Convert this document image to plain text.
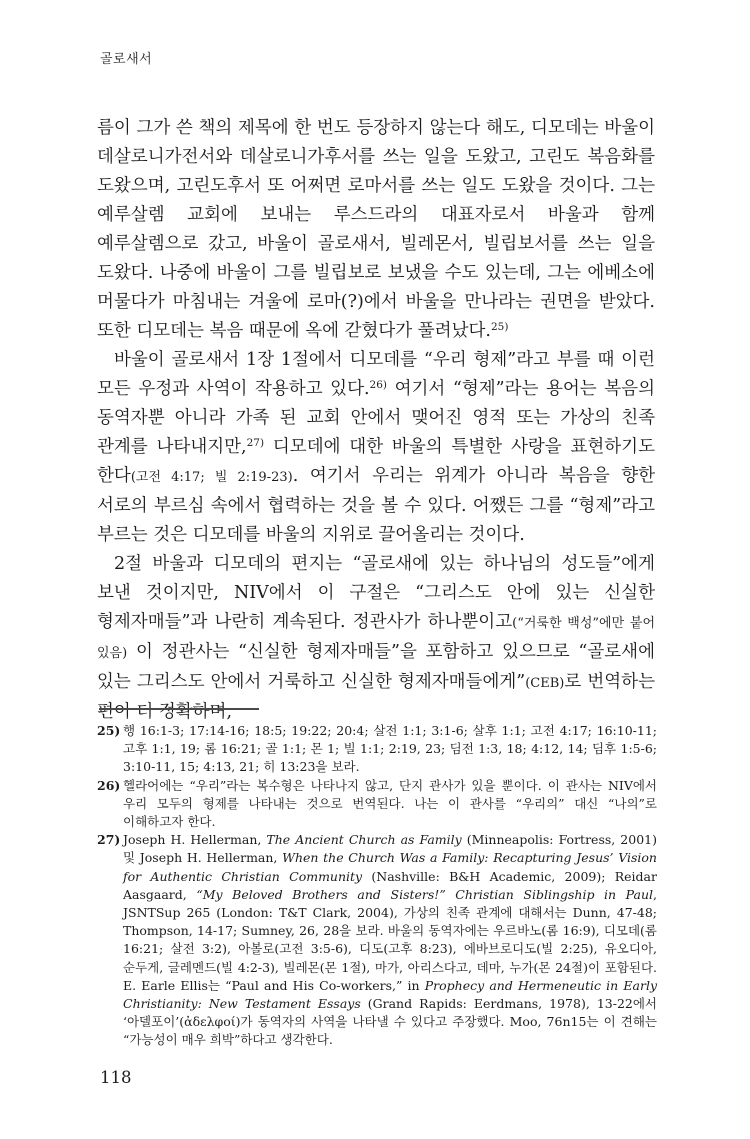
골로새서

름이 그가 쓴 책의 제목에 한 번도 등장하지 않는다 해도, 디모데는 바울이 데살로니가전서와 데살로니가후서를 쓰는 일을 도왔고, 고린도 복음화를 도왔으며, 고린도후서 또 어쩌면 로마서를 쓰는 일도 도왔을 것이다. 그는 예루살렘 교회에 보내는 루스드라의 대표자로서 바울과 함께 예루살렘으로 갔고, 바울이 골로새서, 빌레몬서, 빌립보서를 쓰는 일을 도왔다. 나중에 바울이 그를 빌립보로 보냈을 수도 있는데, 그는 에베소에 머물다가 마침내는 겨울에 로마(?)에서 바울을 만나라는 권면을 받았다. 또한 디모데는 복음 때문에 옥에 갇혔다가 풀려났다.$^{25)}$

바울이 골로새서 1장 1절에서 디모데를 “우리 형제”라고 부를 때 이런 모든 우정과 사역이 작용하고 있다.$^{26)}$ 여기서 “형제”라는 용어는 복음의 동역자뿐 아니라 가족 된 교회 안에서 맺어진 영적 또는 가상의 친족 관계를 나타내지만,$^{27)}$ 디모데에 대한 바울의 특별한 사랑을 표현하기도 한다(고전 4:17; 빌 2:19-23). 여기서 우리는 위계가 아니라 복음을 향한 서로의 부르심 속에서 협력하는 것을 볼 수 있다. 어쨌든 그를 “형제”라고 부르는 것은 디모데를 바울의 지위로 끌어올리는 것이다.

2절 바울과 디모데의 편지는 “골로새에 있는 하나님의 성도들”에게 보낸 것이지만, NIV에서 이 구절은 “그리스도 안에 있는 신실한 형제자매들”과 나란히 계속된다. 정관사가 하나뿐이고(“거룩한 백성”에만 붙어 있음) 이 정관사는 “신실한 형제자매들”을 포함하고 있으므로 “골로새에 있는 그리스도 안에서 거룩하고 신실한 형제자매들에게”(CEB)로 번역하는 편이 더 정확하며,

25) 행 16:1-3; 17:14-16; 18:5; 19:22; 20:4; 살전 1:1; 3:1-6; 살후 1:1; 고전 4:17; 16:10-11; 고후 1:1, 19; 롬 16:21; 골 1:1; 몬 1; 빌 1:1; 2:19, 23; 딤전 1:3, 18; 4:12, 14; 딤후 1:5-6; 3:10-11, 15; 4:13, 21; 히 13:23을 보라.
26) 헬라어에는 “우리”라는 복수형은 나타나지 않고, 단지 관사가 있을 뿐이다. 이 관사는 NIV에서 우리 모두의 형제를 나타내는 것으로 번역된다. 나는 이 관사를 “우리의” 대신 “나의”로 이해하고자 한다.
27) Joseph H. Hellerman, The Ancient Church as Family (Minneapolis: Fortress, 2001) 및 Joseph H. Hellerman, When the Church Was a Family: Recapturing Jesus’ Vision for Authentic Christian Community (Nashville: B&H Academic, 2009); Reidar Aasgaard, “My Beloved Brothers and Sisters!” Christian Siblingship in Paul, JSNTSup 265 (London: T&T Clark, 2004), 가상의 친족 관계에 대해서는 Dunn, 47-48; Thompson, 14-17; Sumney, 26, 28을 보라. 바울의 동역자에는 우르바노(롬 16:9), 디모데(롬 16:21; 살전 3:2), 아볼로(고전 3:5-6), 디도(고후 8:23), 에바브로디도(빌 2:25), 유오디아, 순두게, 글레멘드(빌 4:2-3), 빌레몬(몬 1절), 마가, 아리스다고, 데마, 누가(몬 24절)이 포함된다. E. Earle Ellis는 “Paul and His Co-workers,” in Prophecy and Hermeneutic in Early Christianity: New Testament Essays (Grand Rapids: Eerdmans, 1978), 13-22에서 ‘아델포이’(ἀδελφοί)가 동역자의 사역을 나타낼 수 있다고 주장했다. Moo, 76n15는 이 견해는 “가능성이 매우 희박”하다고 생각한다.
118
